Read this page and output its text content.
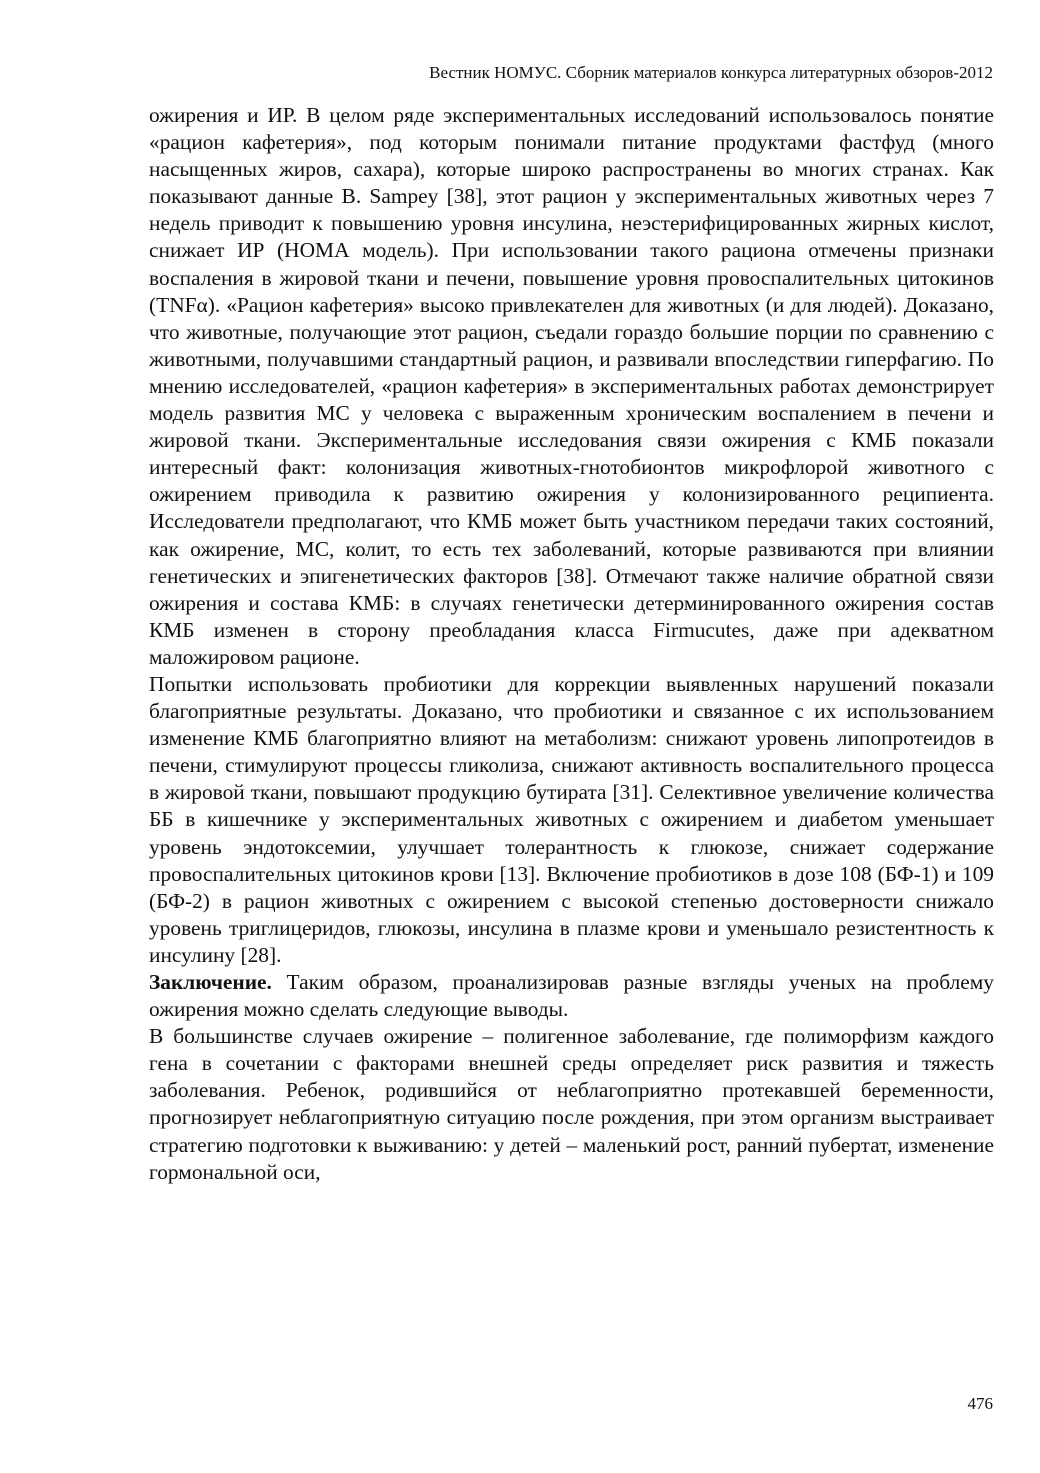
Вестник НОМУС. Сборник материалов конкурса литературных обзоров-2012

ожирения и ИР. В целом ряде экспериментальных исследований использовалось понятие «рацион кафетерия», под которым понимали питание продуктами фастфуд (много насыщенных жиров, сахара), которые широко распространены во многих странах. Как показывают данные B. Sampey [38], этот рацион у экспериментальных животных через 7 недель приводит к повышению уровня инсулина, неэстерифицированных жирных кислот, снижает ИР (НОМА модель). При использовании такого рациона отмечены признаки воспаления в жировой ткани и печени, повышение уровня провоспалительных цитокинов (TNFα). «Рацион кафетерия» высоко привлекателен для животных (и для людей). Доказано, что животные, получающие этот рацион, съедали гораздо большие порции по сравнению с животными, получавшими стандартный рацион, и развивали впоследствии гиперфагию. По мнению исследователей, «рацион кафетерия» в экспериментальных работах демонстрирует модель развития МС у человека с выраженным хроническим воспалением в печени и жировой ткани. Экспериментальные исследования связи ожирения с КМБ показали интересный факт: колонизация животных-гнотобионтов микрофлорой животного с ожирением приводила к развитию ожирения у колонизированного реципиента. Исследователи предполагают, что КМБ может быть участником передачи таких состояний, как ожирение, МС, колит, то есть тех заболеваний, которые развиваются при влиянии генетических и эпигенетических факторов [38]. Отмечают также наличие обратной связи ожирения и состава КМБ: в случаях генетически детерминированного ожирения состав КМБ изменен в сторону преобладания класса Firmucutes, даже при адекватном маложировом рационе.

Попытки использовать пробиотики для коррекции выявленных нарушений показали благоприятные результаты. Доказано, что пробиотики и связанное с их использованием изменение КМБ благоприятно влияют на метаболизм: снижают уровень липопротеидов в печени, стимулируют процессы гликолиза, снижают активность воспалительного процесса в жировой ткани, повышают продукцию бутирата [31]. Селективное увеличение количества ББ в кишечнике у экспериментальных животных с ожирением и диабетом уменьшает уровень эндотоксемии, улучшает толерантность к глюкозе, снижает содержание провоспалительных цитокинов крови [13]. Включение пробиотиков в дозе 108 (БФ-1) и 109 (БФ-2) в рацион животных с ожирением с высокой степенью достоверности снижало уровень триглицеридов, глюкозы, инсулина в плазме крови и уменьшало резистентность к инсулину [28].

Заключение. Таким образом, проанализировав разные взгляды ученых на проблему ожирения можно сделать следующие выводы.

В большинстве случаев ожирение – полигенное заболевание, где полиморфизм каждого гена в сочетании с факторами внешней среды определяет риск развития и тяжесть заболевания. Ребенок, родившийся от неблагоприятно протекавшей беременности, прогнозирует неблагоприятную ситуацию после рождения, при этом организм выстраивает стратегию подготовки к выживанию: у детей – маленький рост, ранний пубертат, изменение гормональной оси,

476
